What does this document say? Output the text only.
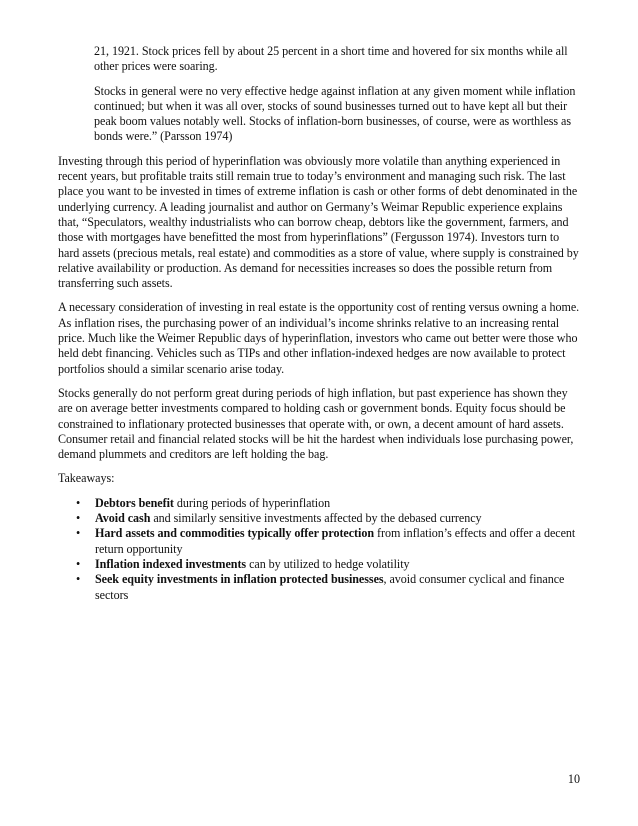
21, 1921. Stock prices fell by about 25 percent in a short time and hovered for six months while all other prices were soaring.

Stocks in general were no very effective hedge against inflation at any given moment while inflation continued; but when it was all over, stocks of sound businesses turned out to have kept all but their peak boom values notably well. Stocks of inflation-born businesses, of course, were as worthless as bonds were.” (Parsson 1974)

Investing through this period of hyperinflation was obviously more volatile than anything experienced in recent years, but profitable traits still remain true to today’s environment and managing such risk. The last place you want to be invested in times of extreme inflation is cash or other forms of debt denominated in the underlying currency. A leading journalist and author on Germany’s Weimar Republic experience explains that, “Speculators, wealthy industrialists who can borrow cheap, debtors like the government, farmers, and those with mortgages have benefitted the most from hyperinflations” (Fergusson 1974). Investors turn to hard assets (precious metals, real estate) and commodities as a store of value, where supply is constrained by relative availability or production. As demand for necessities increases so does the possible return from transferring such assets.

A necessary consideration of investing in real estate is the opportunity cost of renting versus owning a home. As inflation rises, the purchasing power of an individual’s income shrinks relative to an increasing rental price. Much like the Weimer Republic days of hyperinflation, investors who came out better were those who held debt financing. Vehicles such as TIPs and other inflation-indexed hedges are now available to protect portfolios should a similar scenario arise today.

Stocks generally do not perform great during periods of high inflation, but past experience has shown they are on average better investments compared to holding cash or government bonds. Equity focus should be constrained to inflationary protected businesses that operate with, or own, a decent amount of hard assets. Consumer retail and financial related stocks will be hit the hardest when individuals lose purchasing power, demand plummets and creditors are left holding the bag.

Takeaways:

• Debtors benefit during periods of hyperinflation
• Avoid cash and similarly sensitive investments affected by the debased currency
• Hard assets and commodities typically offer protection from inflation’s effects and offer a decent return opportunity
• Inflation indexed investments can by utilized to hedge volatility
• Seek equity investments in inflation protected businesses, avoid consumer cyclical and finance sectors
10
